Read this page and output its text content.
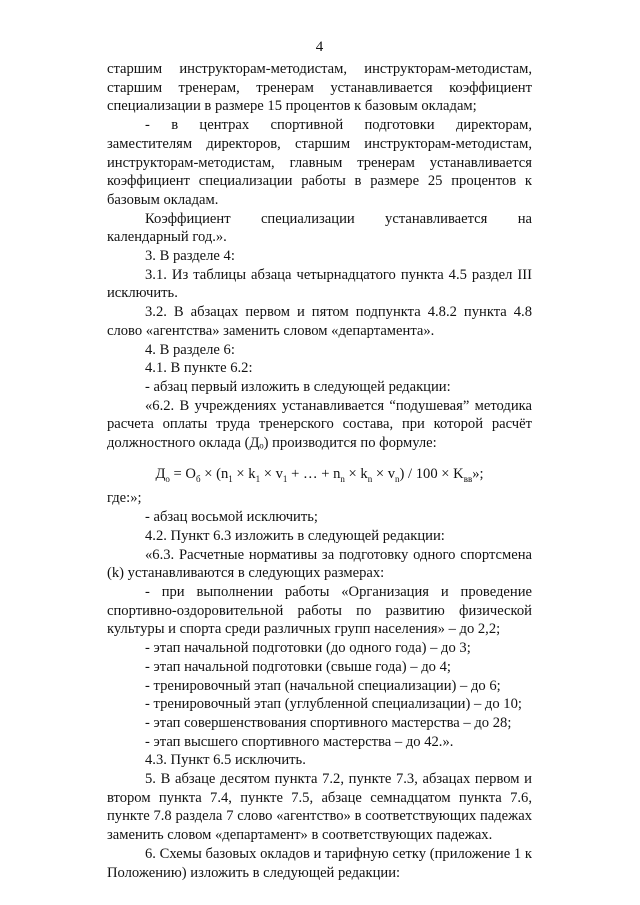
4

старшим инструкторам-методистам, инструкторам-методистам, старшим тренерам, тренерам устанавливается коэффициент специализации в размере 15 процентов к базовым окладам;

- в центрах спортивной подготовки директорам, заместителям директоров, старшим инструкторам-методистам, инструкторам-методистам, главным тренерам устанавливается коэффициент специализации работы в размере 25 процентов к базовым окладам.

Коэффициент специализации устанавливается на календарный год.».

3. В разделе 4:

3.1. Из таблицы абзаца четырнадцатого пункта 4.5 раздел III исключить.

3.2. В абзацах первом и пятом подпункта 4.8.2 пункта 4.8 слово «агентства» заменить словом «департамента».

4. В разделе 6:

4.1. В пункте 6.2:

- абзац первый изложить в следующей редакции:

«6.2. В учреждениях устанавливается “подушевая” методика расчета оплаты труда тренерского состава, при которой расчёт должностного оклада (Дₒ) производится по формуле:

$Д_о = О_б \times (n_1 \times k_1 \times v_1$ + … + $n_n \times k_n \times v_n) / 100 \times K_{вв}$»;

где:»;

- абзац восьмой исключить;

4.2. Пункт 6.3 изложить в следующей редакции:

«6.3. Расчетные нормативы за подготовку одного спортсмена (k) устанавливаются в следующих размерах:

- при выполнении работы «Организация и проведение спортивно-оздоровительной работы по развитию физической культуры и спорта среди различных групп населения» – до 2,2;

- этап начальной подготовки (до одного года) – до 3;

- этап начальной подготовки (свыше года) – до 4;

- тренировочный этап (начальной специализации) – до 6;

- тренировочный этап (углубленной специализации) – до 10;

- этап совершенствования спортивного мастерства – до 28;

- этап высшего спортивного мастерства – до 42.».

4.3. Пункт 6.5 исключить.

5. В абзаце десятом пункта 7.2, пункте 7.3, абзацах первом и втором пункта 7.4, пункте 7.5, абзаце семнадцатом пункта 7.6, пункте 7.8 раздела 7 слово «агентство» в соответствующих падежах заменить словом «департамент» в соответствующих падежах.

6. Схемы базовых окладов и тарифную сетку (приложение 1 к Положению) изложить в следующей редакции:
